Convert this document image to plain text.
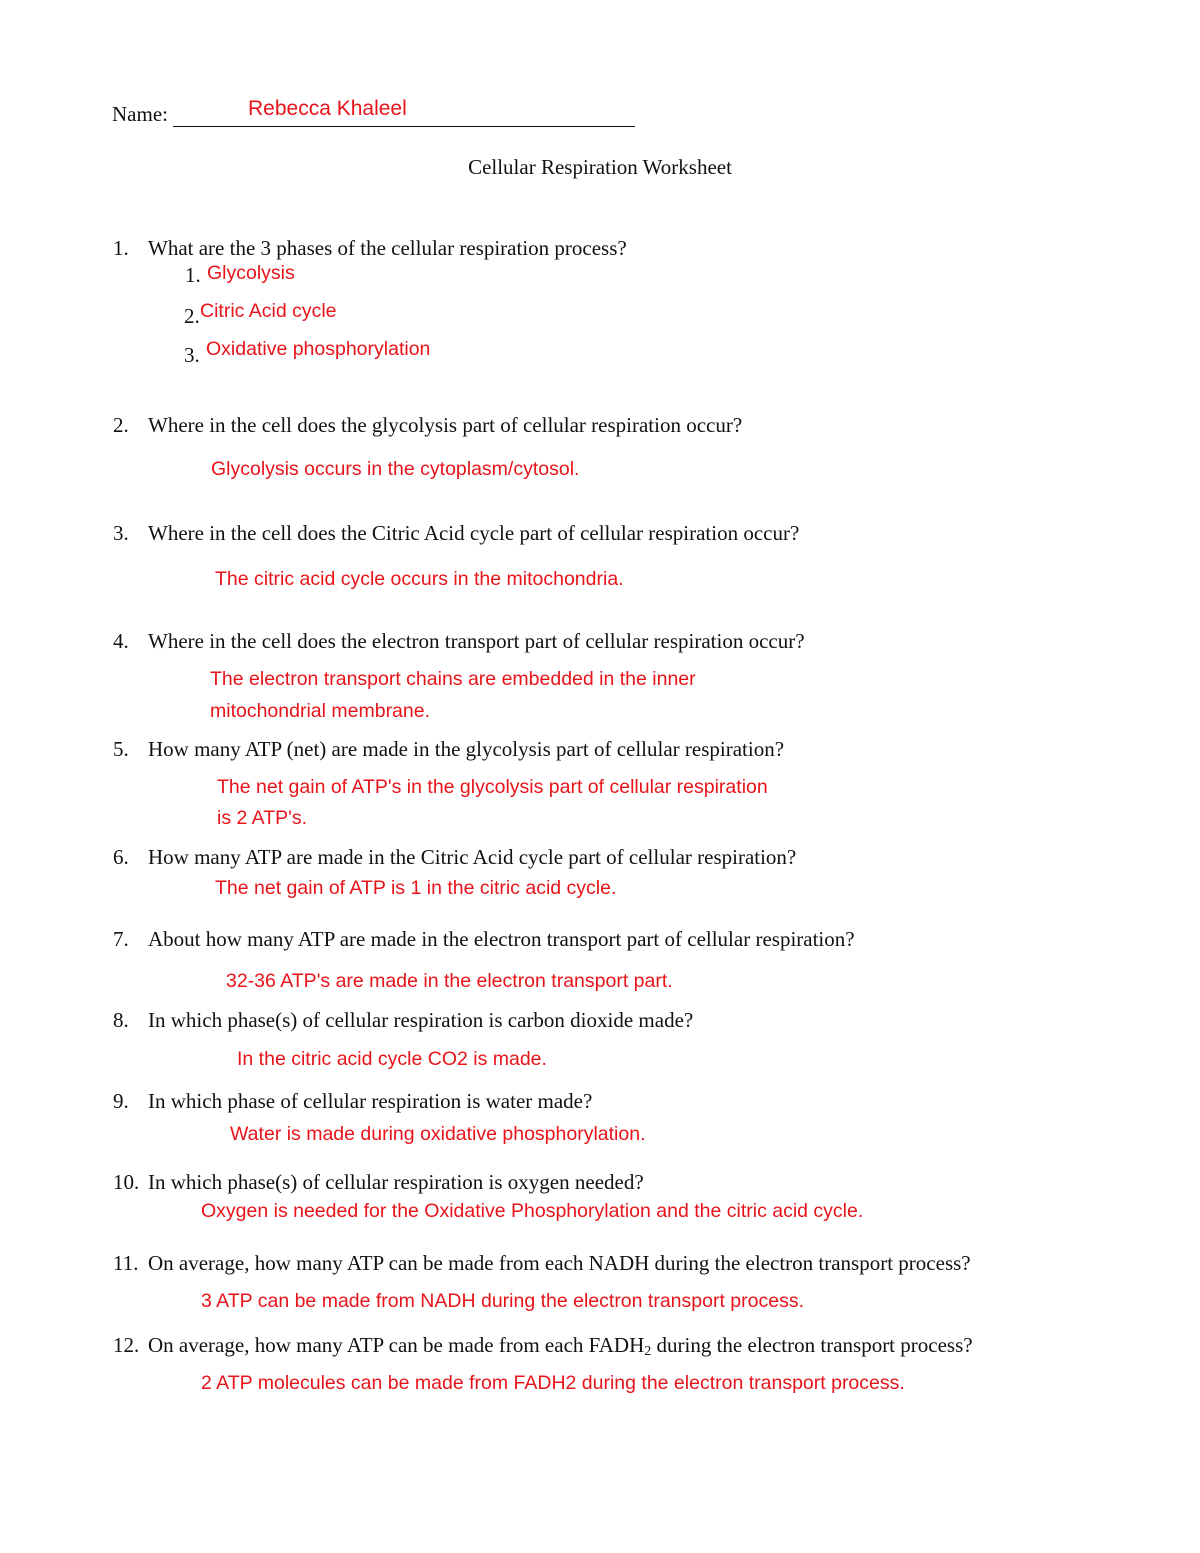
Name:	Rebecca Khaleel
Cellular Respiration Worksheet
1. What are the 3 phases of the cellular respiration process?
1. Glycolysis
2. Citric Acid cycle
3. Oxidative phosphorylation
2. Where in the cell does the glycolysis part of cellular respiration occur?
Glycolysis occurs in the cytoplasm/cytosol.
3. Where in the cell does the Citric Acid cycle part of cellular respiration occur?
The citric acid cycle occurs in the mitochondria.
4. Where in the cell does the electron transport part of cellular respiration occur?
The electron transport chains are embedded in the inner
mitochondrial membrane.
5. How many ATP (net) are made in the glycolysis part of cellular respiration?
The net gain of ATP's in the glycolysis part of cellular respiration
is 2 ATP's.
6. How many ATP are made in the Citric Acid cycle part of cellular respiration?
The net gain of ATP is 1 in the citric acid cycle.
7. About how many ATP are made in the electron transport part of cellular respiration?
32-36 ATP's are made in the electron transport part.
8. In which phase(s) of cellular respiration is carbon dioxide made?
In the citric acid cycle CO2 is made.
9. In which phase of cellular respiration is water made?
Water is made during oxidative phosphorylation.
10. In which phase(s) of cellular respiration is oxygen needed?
Oxygen is needed for the Oxidative Phosphorylation and the citric acid cycle.
11. On average, how many ATP can be made from each NADH during the electron transport process?
3 ATP can be made from NADH during the electron transport process.
12. On average, how many ATP can be made from each $FADH_2$ during the electron transport process?
2 ATP molecules can be made from FADH2 during the electron transport process.
